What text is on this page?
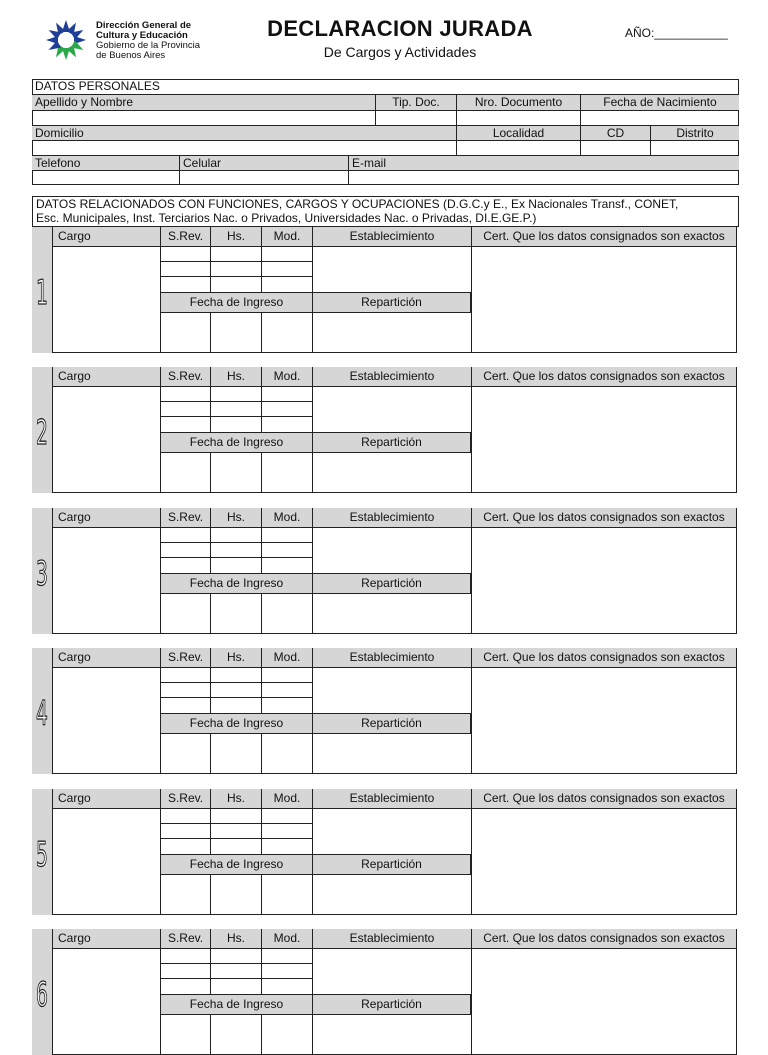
Dirección General de
Cultura y Educación
Gobierno de la Provincia
de Buenos Aires
DECLARACION JURADA
De Cargos y Actividades
AÑO:___________
DATOS PERSONALES
Apellido y Nombre	Tip. Doc.	Nro. Documento	Fecha de Nacimiento
Domicilio	Localidad	CD	Distrito
Telefono	Celular	E-mail
DATOS RELACIONADOS CON FUNCIONES, CARGOS Y OCUPACIONES (D.G.C.y E., Ex Nacionales Transf., CONET,
Esc. Municipales, Inst. Terciarios Nac. o Privados, Universidades Nac. o Privadas, DI.E.GE.P.)
1
Cargo	S.Rev.	Hs.	Mod.	Establecimiento	Cert. Que los datos consignados son exactos
Fecha de Ingreso	Repartición
2
Cargo	S.Rev.	Hs.	Mod.	Establecimiento	Cert. Que los datos consignados son exactos
Fecha de Ingreso	Repartición
3
Cargo	S.Rev.	Hs.	Mod.	Establecimiento	Cert. Que los datos consignados son exactos
Fecha de Ingreso	Repartición
4
Cargo	S.Rev.	Hs.	Mod.	Establecimiento	Cert. Que los datos consignados son exactos
Fecha de Ingreso	Repartición
5
Cargo	S.Rev.	Hs.	Mod.	Establecimiento	Cert. Que los datos consignados son exactos
Fecha de Ingreso	Repartición
6
Cargo	S.Rev.	Hs.	Mod.	Establecimiento	Cert. Que los datos consignados son exactos
Fecha de Ingreso	Repartición
